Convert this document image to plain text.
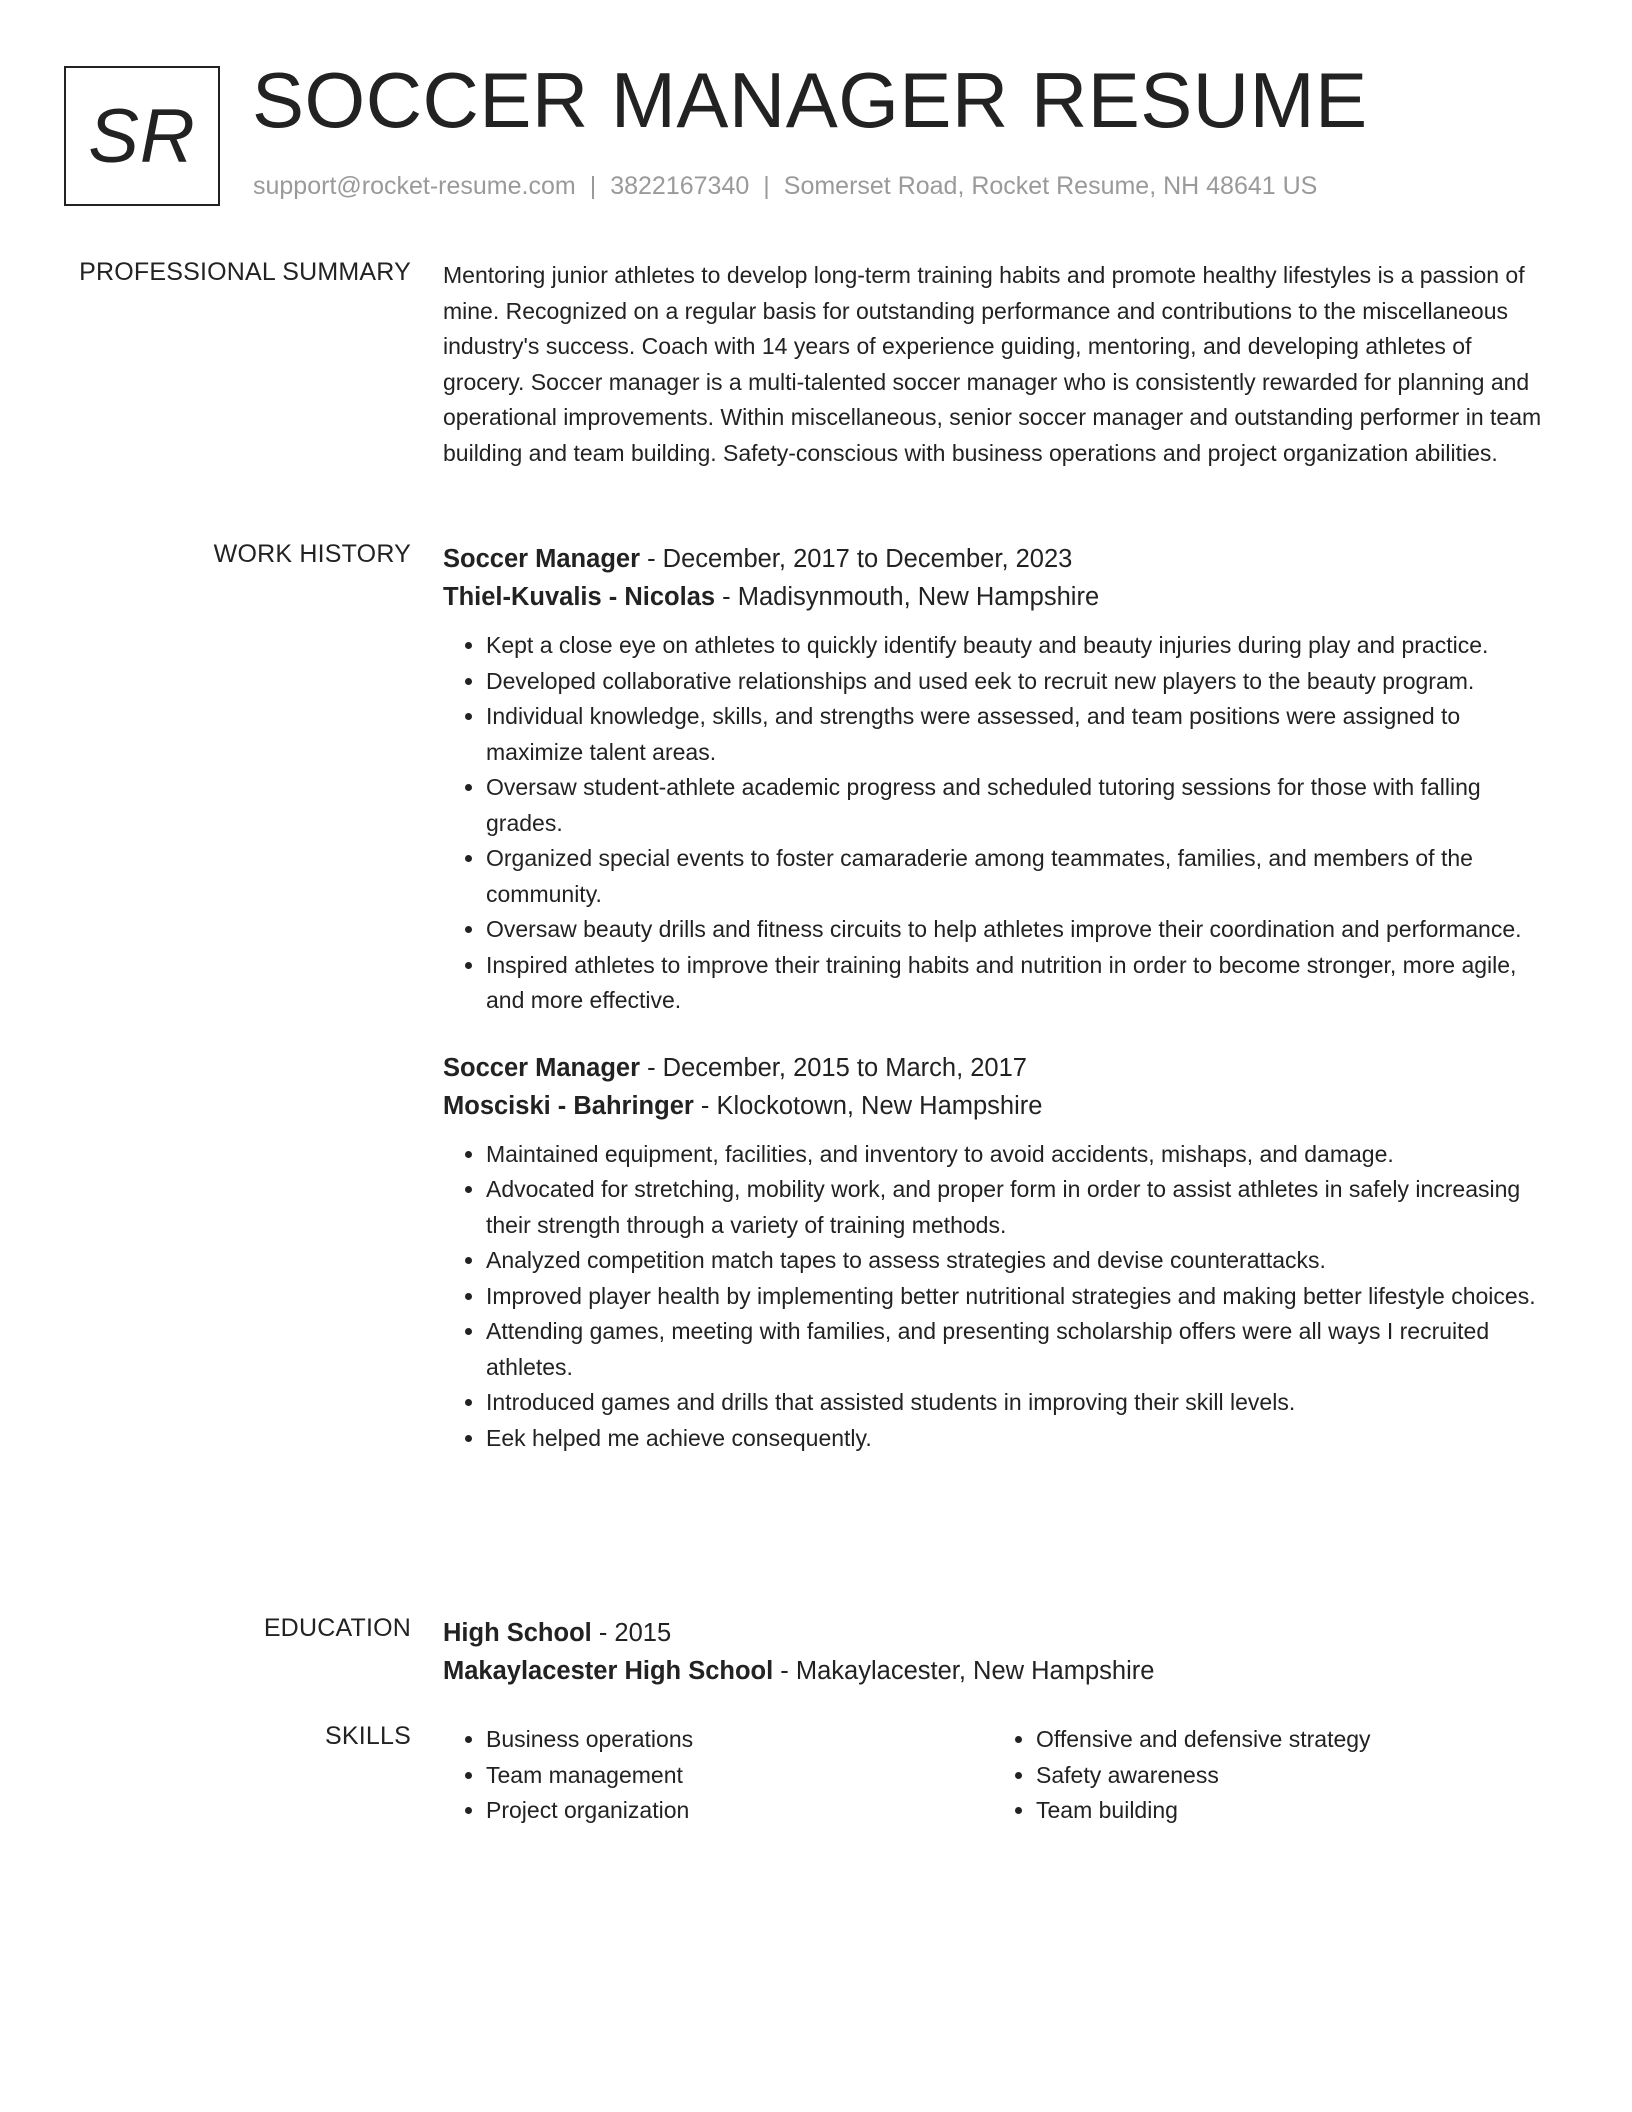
SR SOCCER MANAGER RESUME
support@rocket-resume.com | 3822167340 | Somerset Road, Rocket Resume, NH 48641 US
PROFESSIONAL SUMMARY Mentoring junior athletes to develop long-term training habits and promote healthy lifestyles is a passion of mine. Recognized on a regular basis for outstanding performance and contributions to the miscellaneous industry's success. Coach with 14 years of experience guiding, mentoring, and developing athletes of grocery. Soccer manager is a multi-talented soccer manager who is consistently rewarded for planning and operational improvements. Within miscellaneous, senior soccer manager and outstanding performer in team building and team building. Safety-conscious with business operations and project organization abilities.

WORK HISTORY Soccer Manager - December, 2017 to December, 2023
Thiel-Kuvalis - Nicolas - Madisynmouth, New Hampshire
• Kept a close eye on athletes to quickly identify beauty and beauty injuries during play and practice.
• Developed collaborative relationships and used eek to recruit new players to the beauty program.
• Individual knowledge, skills, and strengths were assessed, and team positions were assigned to maximize talent areas.
• Oversaw student-athlete academic progress and scheduled tutoring sessions for those with falling grades.
• Organized special events to foster camaraderie among teammates, families, and members of the community.
• Oversaw beauty drills and fitness circuits to help athletes improve their coordination and performance.
• Inspired athletes to improve their training habits and nutrition in order to become stronger, more agile, and more effective.
Soccer Manager - December, 2015 to March, 2017
Mosciski - Bahringer - Klockotown, New Hampshire
• Maintained equipment, facilities, and inventory to avoid accidents, mishaps, and damage.
• Advocated for stretching, mobility work, and proper form in order to assist athletes in safely increasing their strength through a variety of training methods.
• Analyzed competition match tapes to assess strategies and devise counterattacks.
• Improved player health by implementing better nutritional strategies and making better lifestyle choices.
• Attending games, meeting with families, and presenting scholarship offers were all ways I recruited athletes.
• Introduced games and drills that assisted students in improving their skill levels.
• Eek helped me achieve consequently.
EDUCATION High School - 2015
Makaylacester High School - Makaylacester, New Hampshire
SKILLS
•	Business operations
• Team management
• Project organization
• Offensive and defensive strategy
• Safety awareness
• Team building
